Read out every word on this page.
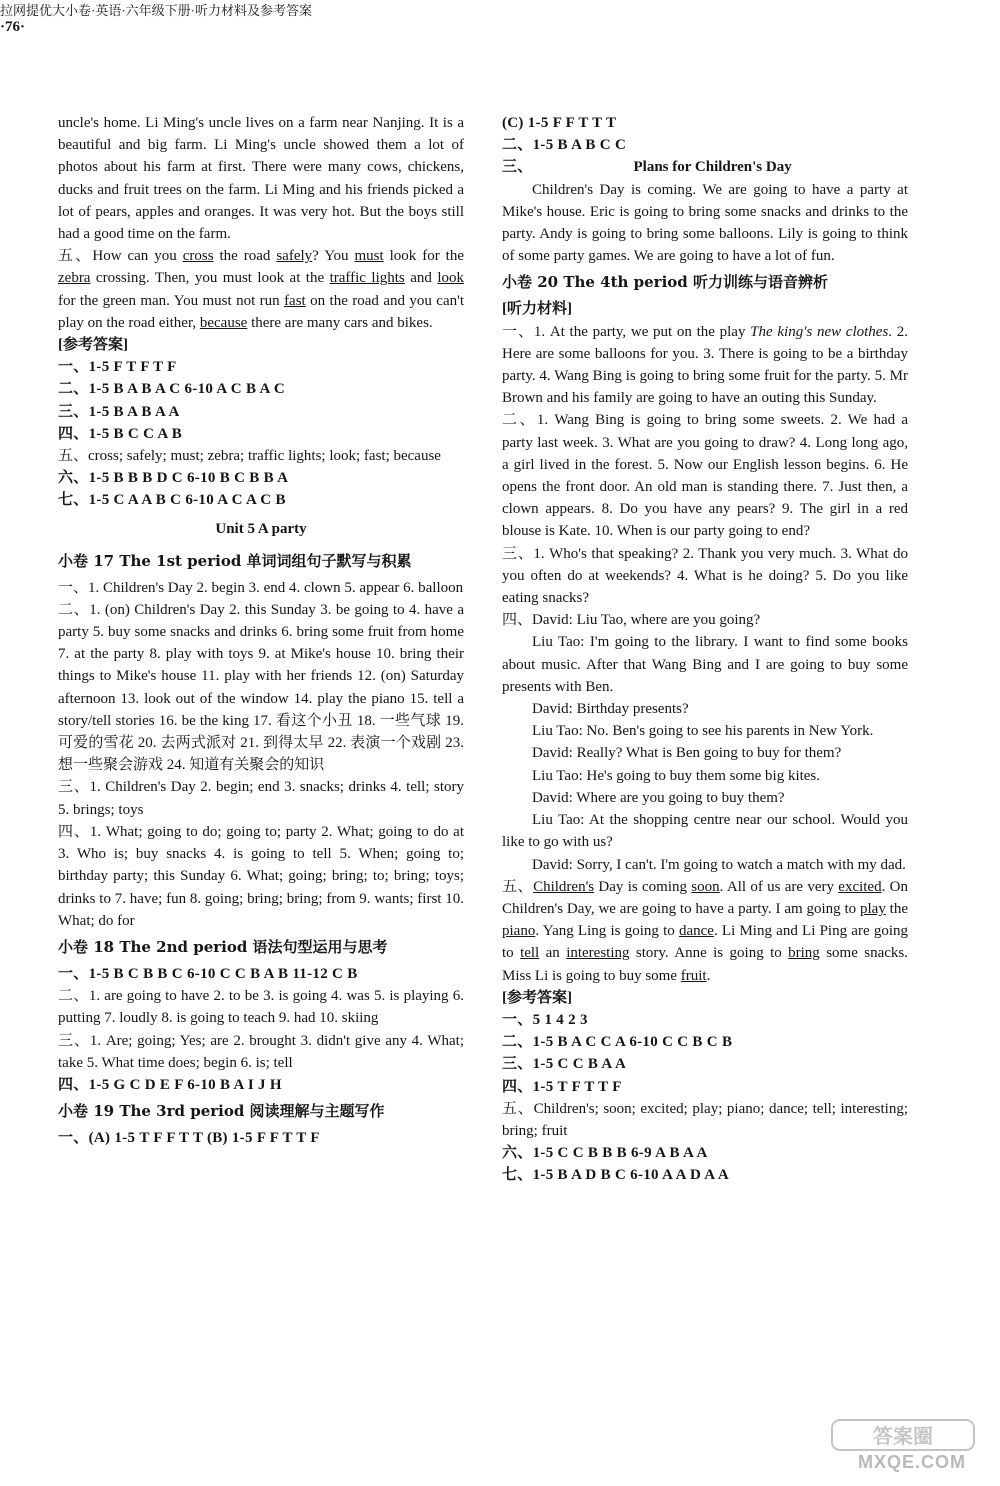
uncle's home. Li Ming's uncle lives on a farm near Nanjing. It is a beautiful and big farm. Li Ming's uncle showed them a lot of photos about his farm at first. There were many cows, chickens, ducks and fruit trees on the farm. Li Ming and his friends picked a lot of pears, apples and oranges. It was very hot. But the boys still had a good time on the farm.
五、How can you cross the road safely? You must look for the zebra crossing. Then, you must look at the traffic lights and look for the green man. You must not run fast on the road and you can't play on the road either, because there are many cars and bikes.
[参考答案]
一、1-5 F T F T F
二、1-5 B A B A C 6-10 A C B A C
三、1-5 B A B A A
四、1-5 B C C A B
五、cross; safely; must; zebra; traffic lights; look; fast; because
六、1-5 B B B D C 6-10 B C B B A
七、1-5 C A A B C 6-10 A C A C B
Unit 5 A party
小卷 17 The 1st period 单词词组句子默写与积累
一、1. Children's Day 2. begin 3. end 4. clown 5. appear 6. balloon
二、1. (on) Children's Day 2. this Sunday 3. be going to 4. have a party 5. buy some snacks and drinks 6. bring some fruit from home 7. at the party 8. play with toys 9. at Mike's house 10. bring their things to Mike's house 11. play with her friends 12. (on) Saturday afternoon 13. look out of the window 14. play the piano 15. tell a story/tell stories 16. be the king 17. 看这个小丑 18. 一些气球 19. 可爱的雪花 20. 去两式派对 21. 到得太早 22. 表演一个戏剧 23. 想一些聚会游戏 24. 知道有关聚会的知识
三、1. Children's Day 2. begin; end 3. snacks; drinks 4. tell; story 5. brings; toys
四、1. What; going to do; going to; party 2. What; going to do at 3. Who is; buy snacks 4. is going to tell 5. When; going to; birthday party; this Sunday 6. What; going; bring; to; bring; toys; drinks to 7. have; fun 8. going; bring; bring; from 9. wants; first 10. What; do for
小卷 18 The 2nd period 语法句型运用与思考
一、1-5 B C B B C 6-10 C C B A B 11-12 C B
二、1. are going to have 2. to be 3. is going 4. was 5. is playing 6. putting 7. loudly 8. is going to teach 9. had 10. skiing
三、1. Are; going; Yes; are 2. brought 3. didn't give any 4. What; take 5. What time does; begin 6. is; tell
四、1-5 G C D E F 6-10 B A I J H
小卷 19 The 3rd period 阅读理解与主题写作
一、(A) 1-5 T F F T T (B) 1-5 F F T T F
(C) 1-5 F F T T T
二、1-5 B A B C C
三、	Plans for Children's Day
Children's Day is coming. We are going to have a party at Mike's house. Eric is going to bring some snacks and drinks to the party. Andy is going to bring some balloons. Lily is going to think of some party games. We are going to have a lot of fun.
小卷 20 The 4th period 听力训练与语音辨析
[听力材料]
一、1. At the party, we put on the play The king's new clothes. 2. Here are some balloons for you. 3. There is going to be a birthday party. 4. Wang Bing is going to bring some fruit for the party. 5. Mr Brown and his family are going to have an outing this Sunday.
二、1. Wang Bing is going to bring some sweets. 2. We had a party last week. 3. What are you going to draw? 4. Long long ago, a girl lived in the forest. 5. Now our English lesson begins. 6. He opens the front door. An old man is standing there. 7. Just then, a clown appears. 8. Do you have any pears? 9. The girl in a red blouse is Kate. 10. When is our party going to end?
三、1. Who's that speaking? 2. Thank you very much. 3. What do you often do at weekends? 4. What is he doing? 5. Do you like eating snacks?
四、David: Liu Tao, where are you going?
Liu Tao: I'm going to the library. I want to find some books about music. After that Wang Bing and I are going to buy some presents with Ben.
David: Birthday presents?
Liu Tao: No. Ben's going to see his parents in New York.
David: Really? What is Ben going to buy for them?
Liu Tao: He's going to buy them some big kites.
David: Where are you going to buy them?
Liu Tao: At the shopping centre near our school. Would you like to go with us?
David: Sorry, I can't. I'm going to watch a match with my dad.
五、Children's Day is coming soon. All of us are very excited. On Children's Day, we are going to have a party. I am going to play the piano. Yang Ling is going to dance. Li Ming and Li Ping are going to tell an interesting story. Anne is going to bring some snacks. Miss Li is going to buy some fruit.
[参考答案]
一、5 1 4 2 3
二、1-5 B A C C A 6-10 C C B C B
三、1-5 C C B A A
四、1-5 T F T T F
五、Children's; soon; excited; play; piano; dance; tell; interesting; bring; fruit
六、1-5 C C B B B 6-9 A B A A
七、1-5 B A D B C 6-10 A A D A A
拉网提优大小卷·英语·六年级下册·听力材料及参考答案
·76·
答案圈
MXQE.COM
